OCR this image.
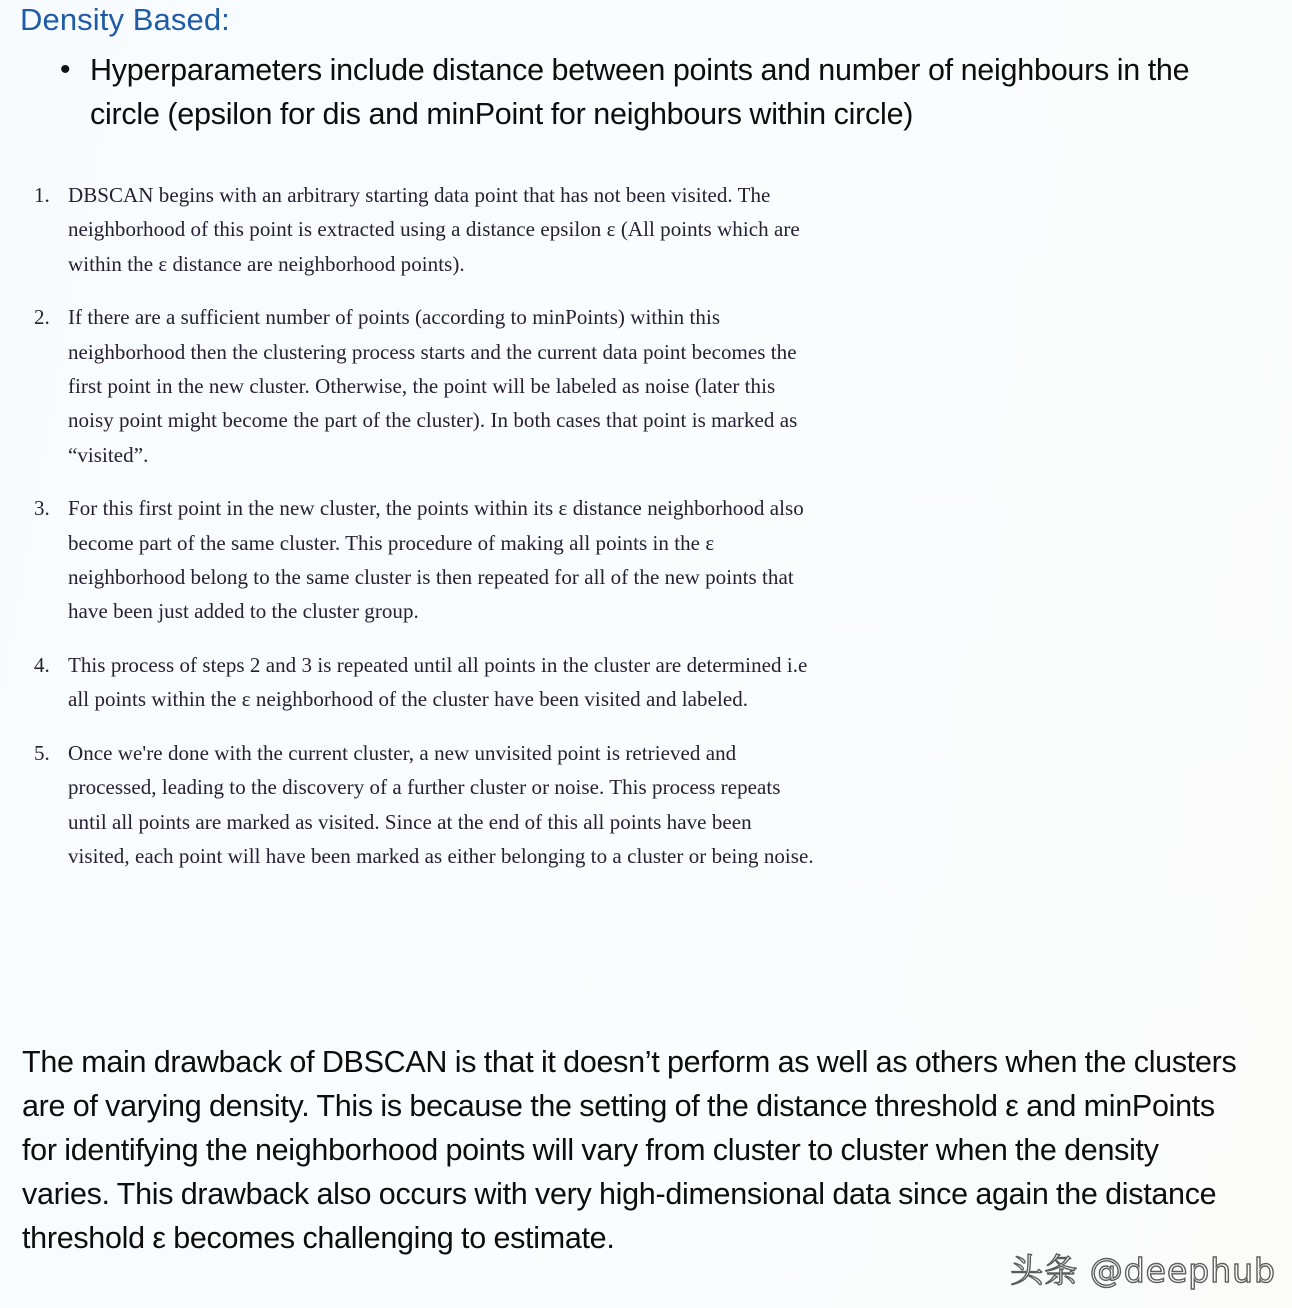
Density Based:
• Hyperparameters include distance between points and number of neighbours in the circle (epsilon for dis and minPoint for neighbours within circle)
1. DBSCAN begins with an arbitrary starting data point that has not been visited. The neighborhood of this point is extracted using a distance epsilon ε (All points which are within the ε distance are neighborhood points).
2. If there are a sufficient number of points (according to minPoints) within this neighborhood then the clustering process starts and the current data point becomes the first point in the new cluster. Otherwise, the point will be labeled as noise (later this noisy point might become the part of the cluster). In both cases that point is marked as “visited”.
3. For this first point in the new cluster, the points within its ε distance neighborhood also become part of the same cluster. This procedure of making all points in the ε neighborhood belong to the same cluster is then repeated for all of the new points that have been just added to the cluster group.
4. This process of steps 2 and 3 is repeated until all points in the cluster are determined i.e all points within the ε neighborhood of the cluster have been visited and labeled.
5. Once we're done with the current cluster, a new unvisited point is retrieved and processed, leading to the discovery of a further cluster or noise. This process repeats until all points are marked as visited. Since at the end of this all points have been visited, each point will have been marked as either belonging to a cluster or being noise.
The main drawback of DBSCAN is that it doesn’t perform as well as others when the clusters are of varying density. This is because the setting of the distance threshold ε and minPoints for identifying the neighborhood points will vary from cluster to cluster when the density varies. This drawback also occurs with very high-dimensional data since again the distance threshold ε becomes challenging to estimate.
头条 @deephub
